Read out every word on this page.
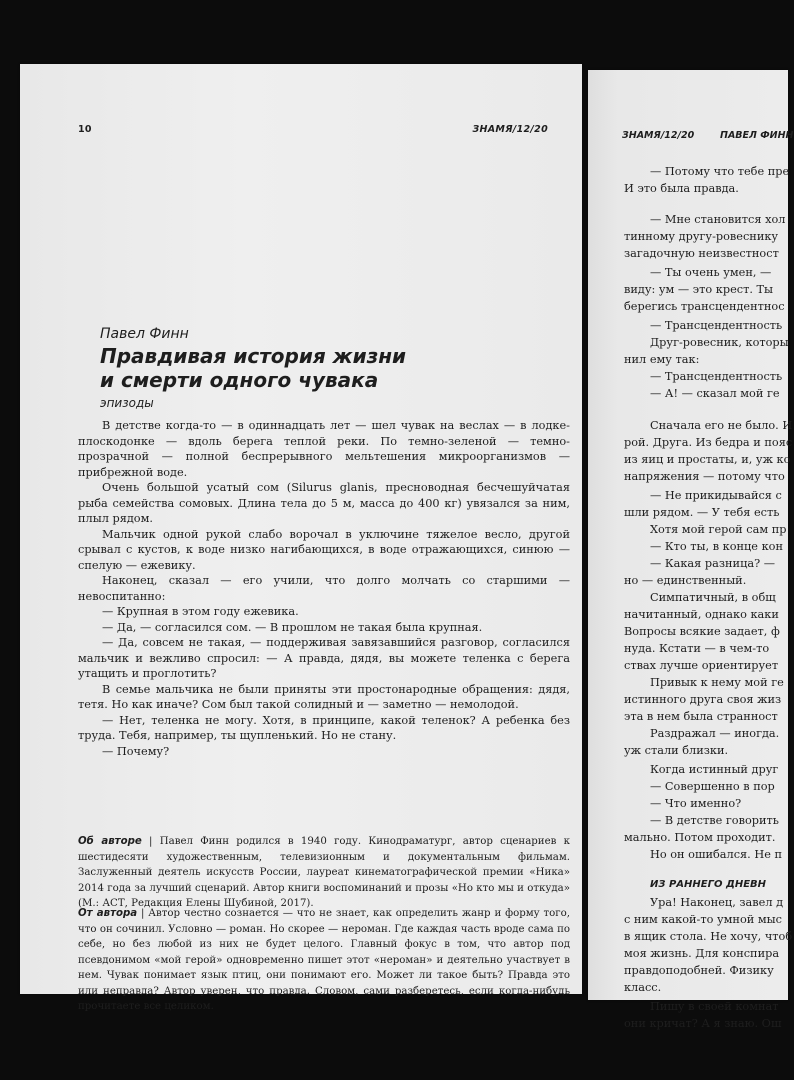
10	ЗНАМЯ/12/20
Павел Финн
Правдивая история жизни
и смерти одного чувака
эпизоды

В детстве когда-то — в одиннадцать лет — шел чувак на веслах — в лодке-плоскодонке — вдоль берега теплой реки. По темно-зеленой — темно-прозрачной — полной беспрерывного мельтешения микроорганизмов — прибрежной воде.

Очень большой усатый сом (Silurus glanis, пресноводная бесчешуйчатая рыба семейства сомовых. Длина тела до 5 м, масса до 400 кг) увязался за ним, плыл рядом.

Мальчик одной рукой слабо ворочал в уключине тяжелое весло, другой срывал с кустов, к воде низко нагибающихся, в воде отражающихся, синюю — спелую — ежевику.

Наконец, сказал — его учили, что долго молчать со старшими — невоспитанно:

— Крупная в этом году ежевика.

— Да, — согласился сом. — В прошлом не такая была крупная.

— Да, совсем не такая, — поддерживая завязавшийся разговор, согласился мальчик и вежливо спросил: — А правда, дядя, вы можете теленка с берега утащить и проглотить?

В семье мальчика не были приняты эти простонародные обращения: дядя, тетя. Но как иначе? Сом был такой солидный и — заметно — немолодой.

— Нет, теленка не могу. Хотя, в принципе, какой теленок? А ребенка без труда. Тебя, например, ты щупленький. Но не стану.

— Почему?

Об авторе | Павел Финн родился в 1940 году. Кинодраматург, автор сценариев к шестидесяти художественным, телевизионным и документальным фильмам. Заслуженный деятель искусств России, лауреат кинематографической премии «Ника» 2014 года за лучший сценарий. Автор книги воспоминаний и прозы «Но кто мы и откуда» (М.: АСТ, Редакция Елены Шубиной, 2017).

От автора | Автор честно сознается — что не знает, как определить жанр и форму того, что он сочинил. Условно — роман. Но скорее — нероман. Где каждая часть вроде сама по себе, но без любой из них не будет целого. Главный фокус в том, что автор под псевдонимом «мой герой» одновременно пишет этот «нероман» и деятельно участвует в нем. Чувак понимает язык птиц, они понимают его. Может ли такое быть? Правда это или неправда? Автор уверен, что правда. Словом, сами разберетесь, если когда-нибудь прочитаете все целиком.

ЗНАМЯ/12/20	ПАВЕЛ ФИНН
— Потому что тебе пре
И это была правда.
— Мне становится хол
тинному другу-ровеснику
загадочную неизвестност
— Ты очень умен, —
виду: ум — это крест. Ты
берегись трансцендентнос
— Трансцендентность
Друг-ровесник, которы
нил ему так:
— Трансцендентность
— А! — сказал мой ге
Сначала его не было. И
рой. Друга. Из бедра и пояс
из яиц и простаты, и, уж ко
напряжения — потому что
— Не прикидывайся с
шли рядом. — У тебя есть
Хотя мой герой сам пр
— Кто ты, в конце кон
— Какая разница? —
но — единственный.
Симпатичный, в общ
начитанный, однако каки
Вопросы всякие задает, ф
нуда. Кстати — в чем-то
ствах лучше ориентирует
Привык к нему мой ге
истинного друга своя жиз
эта в нем была странност
Раздражал — иногда.
уж стали близки.
Когда истинный друг
— Совершенно в пор
— Что именно?
— В детстве говорить
мально. Потом проходит.
Но он ошибался. Не п
ИЗ РАННЕГО ДНЕВН
Ура! Наконец, завел д
с ним какой-то умной мыс
в ящик стола. Не хочу, чтоб
моя жизнь. Для конспира
правдоподобней. Физику
класс.
Пишу в своей комнат
они кричат? А я знаю. Ош
